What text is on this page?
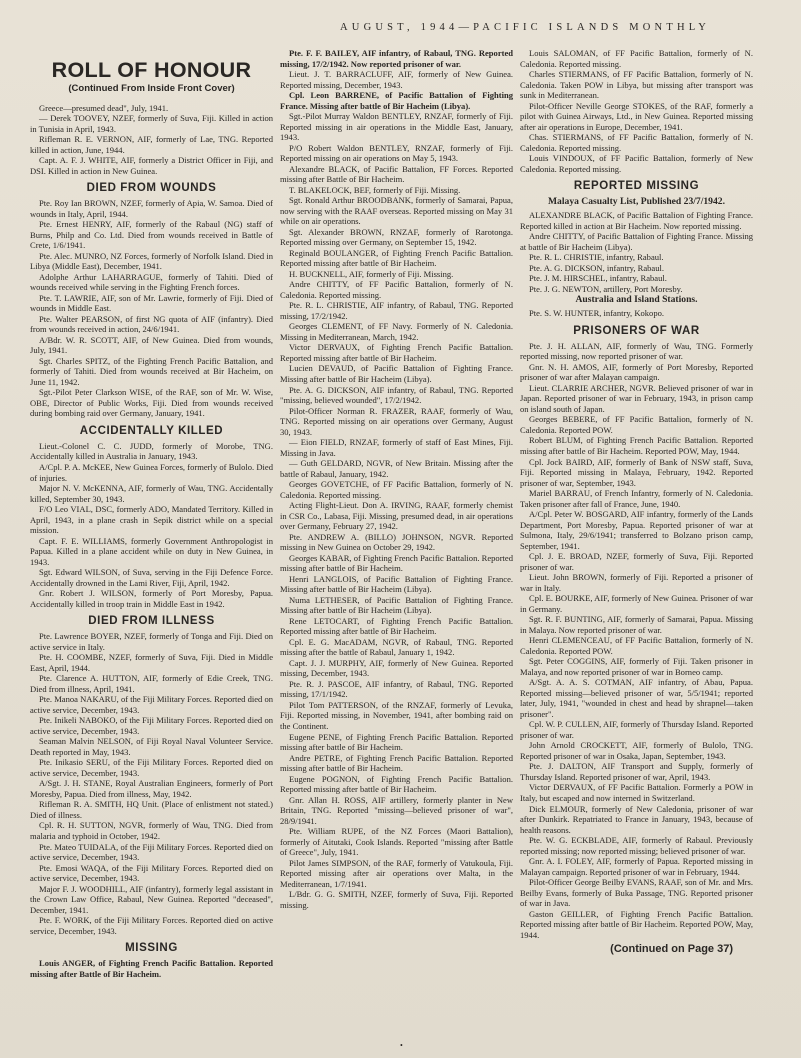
AUGUST, 1944—PACIFIC ISLANDS MONTHLY
ROLL OF HONOUR
(Continued From Inside Front Cover)

Greece—presumed dead", July, 1941.

— Derek TOOVEY, NZEF, formerly of Suva, Fiji. Killed in action in Tunisia in April, 1943.

Rifleman R. E. VERNON, AIF, formerly of Lae, TNG. Reported killed in action, June, 1944.

Capt. A. F. J. WHITE, AIF, formerly a District Officer in Fiji, and DSI. Killed in action in New Guinea.

DIED FROM WOUNDS

Pte. Roy Ian BROWN, NZEF, formerly of Apia, W. Samoa. Died of wounds in Italy, April, 1944.

Pte. Ernest HENRY, AIF, formerly of the Rabaul (NG) staff of Burns, Philp and Co. Ltd. Died from wounds received in Battle of Crete, 1/6/1941.

Pte. Alec. MUNRO, NZ Forces, formerly of Norfolk Island. Died in Libya (Middle East), December, 1941.

Adolphe Arthur LAHARRAGUE, formerly of Tahiti. Died of wounds received while serving in the Fighting French forces.

Pte. T. LAWRIE, AIF, son of Mr. Lawrie, formerly of Fiji. Died of wounds in Middle East.

Pte. Walter PEARSON, of first NG quota of AIF (infantry). Died from wounds received in action, 24/6/1941.

A/Bdr. W. R. SCOTT, AIF, of New Guinea. Died from wounds, July, 1941.

Sgt. Charles SPITZ, of the Fighting French Pacific Battalion, and formerly of Tahiti. Died from wounds received at Bir Hacheim, on June 11, 1942.

Sgt.-Pilot Peter Clarkson WISE, of the RAF, son of Mr. W. Wise, OBE, Director of Public Works, Fiji. Died from wounds received during bombing raid over Germany, January, 1941.

ACCIDENTALLY KILLED

Lieut.-Colonel C. C. JUDD, formerly of Morobe, TNG. Accidentally killed in Australia in January, 1943.

A/Cpl. P. A. McKEE, New Guinea Forces, formerly of Bulolo. Died of injuries.

Major N. V. McKENNA, AIF, formerly of Wau, TNG. Accidentally killed, September 30, 1943.

F/O Leo VIAL, DSC, formerly ADO, Mandated Territory. Killed in April, 1943, in a plane crash in Sepik district while on a special mission.

Capt. F. E. WILLIAMS, formerly Government Anthropologist in Papua. Killed in a plane accident while on duty in New Guinea, in 1943.

Sgt. Edward WILSON, of Suva, serving in the Fiji Defence Force. Accidentally drowned in the Lami River, Fiji, April, 1942.

Gnr. Robert J. WILSON, formerly of Port Moresby, Papua. Accidentally killed in troop train in Middle East in 1942.

DIED FROM ILLNESS

Pte. Lawrence BOYER, NZEF, formerly of Tonga and Fiji. Died on active service in Italy.

Pte. H. COOMBE, NZEF, formerly of Suva, Fiji. Died in Middle East, April, 1944.

Pte. Clarence A. HUTTON, AIF, formerly of Edie Creek, TNG. Died from illness, April, 1941.

Pte. Manoa NAKARU, of the Fiji Military Forces. Reported died on active service, December, 1943.

Pte. Inikeli NABOKO, of the Fiji Military Forces. Reported died on active service, December, 1943.

Seaman Malvin NELSON, of Fiji Royal Naval Volunteer Service. Death reported in May, 1943.

Pte. Inikasio SERU, of the Fiji Military Forces. Reported died on active service, December, 1943.

A/Sgt. J. H. STANE, Royal Australian Engineers, formerly of Port Moresby, Papua. Died from illness, May, 1942.

Rifleman R. A. SMITH, HQ Unit. (Place of enlistment not stated.) Died of illness.

Cpl. R. H. SUTTON, NGVR, formerly of Wau, TNG. Died from malaria and typhoid in October, 1942.

Pte. Mateo TUIDALA, of the Fiji Military Forces. Reported died on active service, December, 1943.

Pte. Emosi WAQA, of the Fiji Military Forces. Reported died on active service, December, 1943.

Major F. J. WOODHILL, AIF (infantry), formerly legal assistant in the Crown Law Office, Rabaul, New Guinea. Reported "deceased", December, 1941.

Pte. F. WORK, of the Fiji Military Forces. Reported died on active service, December, 1943.

MISSING

Louis ANGER, of Fighting French Pacific Battalion. Reported missing after Battle of Bir Hacheim.

Pte. F. F. BAILEY, AIF infantry, of Rabaul, TNG. Reported missing, 17/2/1942. Now reported prisoner of war.

Lieut. J. T. BARRACLUFF, AIF, formerly of New Guinea. Reported missing, December, 1943.

Cpl. Leon BARRENE, of Pacific Battalion of Fighting France. Missing after battle of Bir Hacheim (Libya).

Sgt.-Pilot Murray Waldon BENTLEY, RNZAF, formerly of Fiji. Reported missing in air operations in the Middle East, January, 1943.

P/O Robert Waldon BENTLEY, RNZAF, formerly of Fiji. Reported missing on air operations on May 5, 1943.

Alexandre BLACK, of Pacific Battalion, FF Forces. Reported missing after Battle of Bir Hacheim.

T. BLAKELOCK, BEF, formerly of Fiji. Missing.

Sgt. Ronald Arthur BROODBANK, formerly of Samarai, Papua, now serving with the RAAF overseas. Reported missing on May 31 while on air operations.

Sgt. Alexander BROWN, RNZAF, formerly of Rarotonga. Reported missing over Germany, on September 15, 1942.

Reginald BOULANGER, of Fighting French Pacific Battalion. Reported missing after battle of Bir Hacheim.

H. BUCKNELL, AIF, formerly of Fiji. Missing.

Andre CHITTY, of FF Pacific Battalion, formerly of N. Caledonia. Reported missing.

Pte. R. L. CHRISTIE, AIF infantry, of Rabaul, TNG. Reported missing, 17/2/1942.

Georges CLEMENT, of FF Navy. Formerly of N. Caledonia. Missing in Mediterranean, March, 1942.

Victor DERVAUX, of Fighting French Pacific Battalion. Reported missing after battle of Bir Hacheim.

Lucien DEVAUD, of Pacific Battalion of Fighting France. Missing after battle of Bir Hacheim (Libya).

Pte. A. G. DICKSON, AIF infantry, of Rabaul, TNG. Reported "missing, believed wounded", 17/2/1942.

Pilot-Officer Norman R. FRAZER, RAAF, formerly of Wau, TNG. Reported missing on air operations over Germany, August 30, 1943.

— Eion FIELD, RNZAF, formerly of staff of East Mines, Fiji. Missing in Java.

— Guth GELDARD, NGVR, of New Britain. Missing after the battle of Rabaul, January, 1942.

Georges GOVETCHE, of FF Pacific Battalion, formerly of N. Caledonia. Reported missing.

Acting Flight-Lieut. Don A. IRVING, RAAF, formerly chemist in CSR Co., Labasa, Fiji. Missing, presumed dead, in air operations over Germany, February 27, 1942.

Pte. ANDREW A. (BILLO) JOHNSON, NGVR. Reported missing in New Guinea on October 29, 1942.

Georges KABAR, of Fighting French Pacific Battalion. Reported missing after battle of Bir Hacheim.

Henri LANGLOIS, of Pacific Battalion of Fighting France. Missing after battle of Bir Hacheim (Libya).

Numa LETHESER, of Pacific Battalion of Fighting France. Missing after battle of Bir Hacheim (Libya).

Rene LETOCART, of Fighting French Pacific Battalion. Reported missing after battle of Bir Hacheim.

Cpl. E. G. MacADAM, NGVR, of Rabaul, TNG. Reported missing after the battle of Rabaul, January 1, 1942.

Capt. J. J. MURPHY, AIF, formerly of New Guinea. Reported missing, December, 1943.

Pte. R. J. PASCOE, AIF infantry, of Rabaul, TNG. Reported missing, 17/1/1942.

Pilot Tom PATTERSON, of the RNZAF, formerly of Levuka, Fiji. Reported missing, in November, 1941, after bombing raid on the Continent.

Eugene PENE, of Fighting French Pacific Battalion. Reported missing after battle of Bir Hacheim.

Andre PETRE, of Fighting French Pacific Battalion. Reported missing after battle of Bir Hacheim.

Eugene POGNON, of Fighting French Pacific Battalion. Reported missing after battle of Bir Hacheim.

Gnr. Allan H. ROSS, AIF artillery, formerly planter in New Britain, TNG. Reported "missing—believed prisoner of war", 28/9/1941.

Pte. William RUPE, of the NZ Forces (Maori Battalion), formerly of Aitutaki, Cook Islands. Reported "missing after Battle of Greece", July, 1941.

Pilot James SIMPSON, of the RAF, formerly of Vatukoula, Fiji. Reported missing after air operations over Malta, in the Mediterranean, 1/7/1941.

L/Bdr. G. G. SMITH, NZEF, formerly of Suva, Fiji. Reported missing.

Louis SALOMAN, of FF Pacific Battalion, formerly of N. Caledonia. Reported missing.

Charles STIERMANS, of FF Pacific Battalion, formerly of N. Caledonia. Taken POW in Libya, but missing after transport was sunk in Mediterranean.

Pilot-Officer Neville George STOKES, of the RAF, formerly a pilot with Guinea Airways, Ltd., in New Guinea. Reported missing after air operations in Europe, December, 1941.

Chas. STIERMANS, of FF Pacific Battalion, formerly of N. Caledonia. Reported missing.

Louis VINDOUX, of FF Pacific Battalion, formerly of New Caledonia. Reported missing.

REPORTED MISSING
Malaya Casualty List, Published 23/7/1942.

ALEXANDRE BLACK, of Pacific Battalion of Fighting France. Reported killed in action at Bir Hacheim. Now reported missing.

Andre CHITTY, of Pacific Battalion of Fighting France. Missing at battle of Bir Hacheim (Libya).

Pte. R. L. CHRISTIE, infantry, Rabaul.

Pte. A. G. DICKSON, infantry, Rabaul.

Pte. J. M. HIRSCHEL, infantry, Rabaul.

Pte. J. G. NEWTON, artillery, Port Moresby.

Australia and Island Stations.

Pte. S. W. HUNTER, infantry, Kokopo.

PRISONERS OF WAR

Pte. J. H. ALLAN, AIF, formerly of Wau, TNG. Formerly reported missing, now reported prisoner of war.

Gnr. N. H. AMOS, AIF, formerly of Port Moresby, Reported prisoner of war after Malayan campaign.

Lieut. CLARRIE ARCHER, NGVR. Believed prisoner of war in Japan. Reported prisoner of war in February, 1943, in prison camp on island south of Japan.

Georges BEBERE, of FF Pacific Battalion, formerly of N. Caledonia. Reported POW.

Robert BLUM, of Fighting French Pacific Battalion. Reported missing after battle of Bir Hacheim. Reported POW, May, 1944.

Cpl. Jock BAIRD, AIF, formerly of Bank of NSW staff, Suva, Fiji. Reported missing in Malaya, February, 1942. Reported prisoner of war, September, 1943.

Mariel BARRAU, of French Infantry, formerly of N. Caledonia. Taken prisoner after fall of France, June, 1940.

A/Cpl. Peter W. BOSGARD, AIF infantry, formerly of the Lands Department, Port Moresby, Papua. Reported prisoner of war at Sulmona, Italy, 29/6/1941; transferred to Bolzano prison camp, September, 1941.

Cpl. J. E. BROAD, NZEF, formerly of Suva, Fiji. Reported prisoner of war.

Lieut. John BROWN, formerly of Fiji. Reported a prisoner of war in Italy.

Cpl. E. BOURKE, AIF, formerly of New Guinea. Prisoner of war in Germany.

Sgt. R. F. BUNTING, AIF, formerly of Samarai, Papua. Missing in Malaya. Now reported prisoner of war.

Henri CLEMENCEAU, of FF Pacific Battalion, formerly of N. Caledonia. Reported POW.

Sgt. Peter COGGINS, AIF, formerly of Fiji. Taken prisoner in Malaya, and now reported prisoner of war in Borneo camp.

A/Sgt. A. A. S. COTMAN, AIF infantry, of Abau, Papua. Reported missing—believed prisoner of war, 5/5/1941; reported later, July, 1941, "wounded in chest and head by shrapnel—taken prisoner".

Cpl. W. P. CULLEN, AIF, formerly of Thursday Island. Reported prisoner of war.

John Arnold CROCKETT, AIF, formerly of Bulolo, TNG. Reported prisoner of war in Osaka, Japan, September, 1943.

Pte. J. DALTON, AIF Transport and Supply, formerly of Thursday Island. Reported prisoner of war, April, 1943.

Victor DERVAUX, of FF Pacific Battalion. Formerly a POW in Italy, but escaped and now interned in Switzerland.

Dick ELMOUR, formerly of New Caledonia, prisoner of war after Dunkirk. Repatriated to France in January, 1943, because of health reasons.

Pte. W. G. ECKBLADE, AIF, formerly of Rabaul. Previously reported missing; now reported missing; believed prisoner of war.

Gnr. A. I. FOLEY, AIF, formerly of Papua. Reported missing in Malayan campaign. Reported prisoner of war in February, 1944.

Pilot-Officer George Beilby EVANS, RAAF, son of Mr. and Mrs. Beilby Evans, formerly of Buka Passage, TNG. Reported prisoner of war in Java.

Gaston GEILLER, of Fighting French Pacific Battalion. Reported missing after battle of Bir Hacheim. Reported POW, May, 1944.

(Continued on Page 37)
•
